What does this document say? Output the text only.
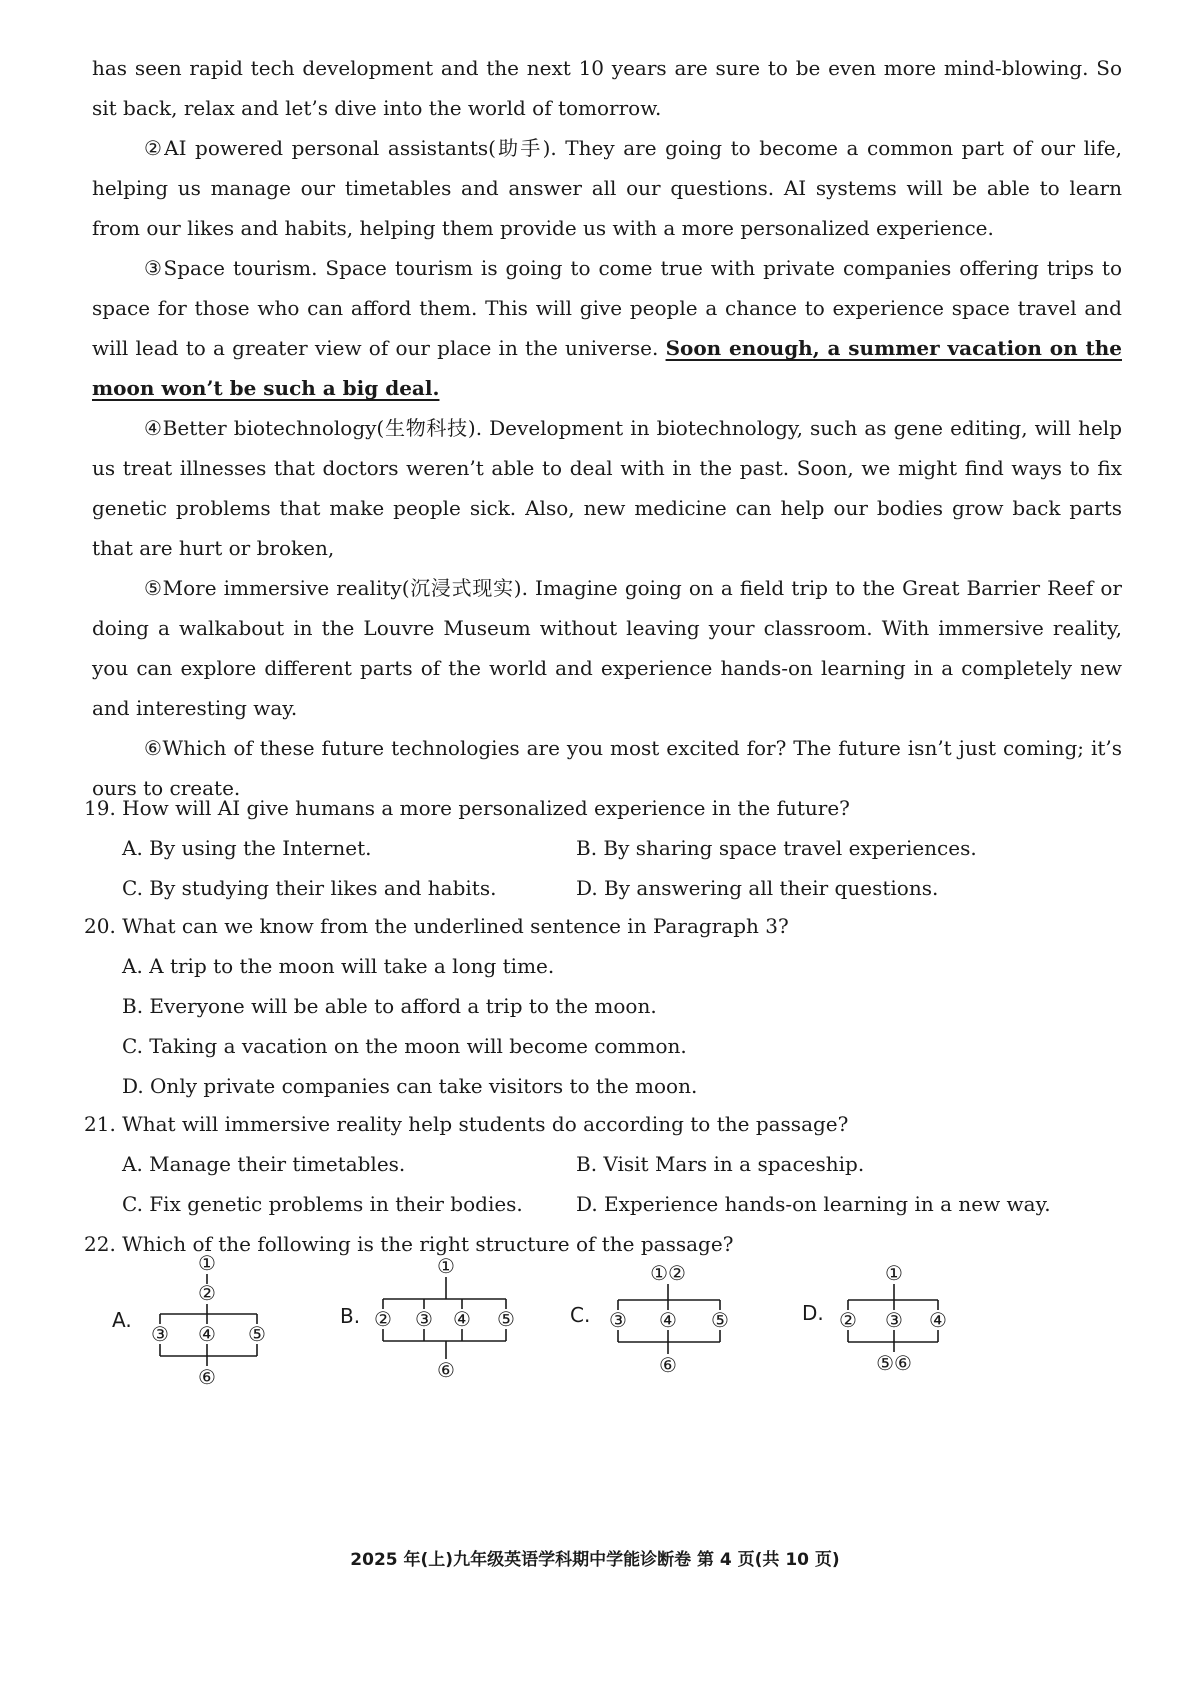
has seen rapid tech development and the next 10 years are sure to be even more mind-blowing. So sit back, relax and let’s dive into the world of tomorrow.

②AI powered personal assistants(助手). They are going to become a common part of our life, helping us manage our timetables and answer all our questions. AI systems will be able to learn from our likes and habits, helping them provide us with a more personalized experience.

③Space tourism. Space tourism is going to come true with private companies offering trips to space for those who can afford them. This will give people a chance to experience space travel and will lead to a greater view of our place in the universe. Soon enough, a summer vacation on the moon won’t be such a big deal.

④Better biotechnology(生物科技). Development in biotechnology, such as gene editing, will help us treat illnesses that doctors weren’t able to deal with in the past. Soon, we might find ways to fix genetic problems that make people sick. Also, new medicine can help our bodies grow back parts that are hurt or broken,

⑤More immersive reality(沉浸式现实). Imagine going on a field trip to the Great Barrier Reef or doing a walkabout in the Louvre Museum without leaving your classroom. With immersive reality, you can explore different parts of the world and experience hands-on learning in a completely new and interesting way.

⑥Which of these future technologies are you most excited for? The future isn’t just coming; it’s ours to create.

19. How will AI give humans a more personalized experience in the future?
A. By using the Internet.	B. By sharing space travel experiences.
C. By studying their likes and habits.	D. By answering all their questions.
20. What can we know from the underlined sentence in Paragraph 3?
A. A trip to the moon will take a long time.
B. Everyone will be able to afford a trip to the moon.
C. Taking a vacation on the moon will become common.
D. Only private companies can take visitors to the moon.
21. What will immersive reality help students do according to the passage?
A. Manage their timetables.	B. Visit Mars in a spaceship.
C. Fix genetic problems in their bodies.	D. Experience hands-on learning in a new way.
22. Which of the following is the right structure of the passage?
A.
①
②
③ ④ ⑤
⑥
B.
①
② ③ ④ ⑤
⑥
C.
①②
③ ④ ⑤
⑥
D.
①
② ③ ④
⑤⑥
2025 年(上)九年级英语学科期中学能诊断卷 第 4 页(共 10 页)
